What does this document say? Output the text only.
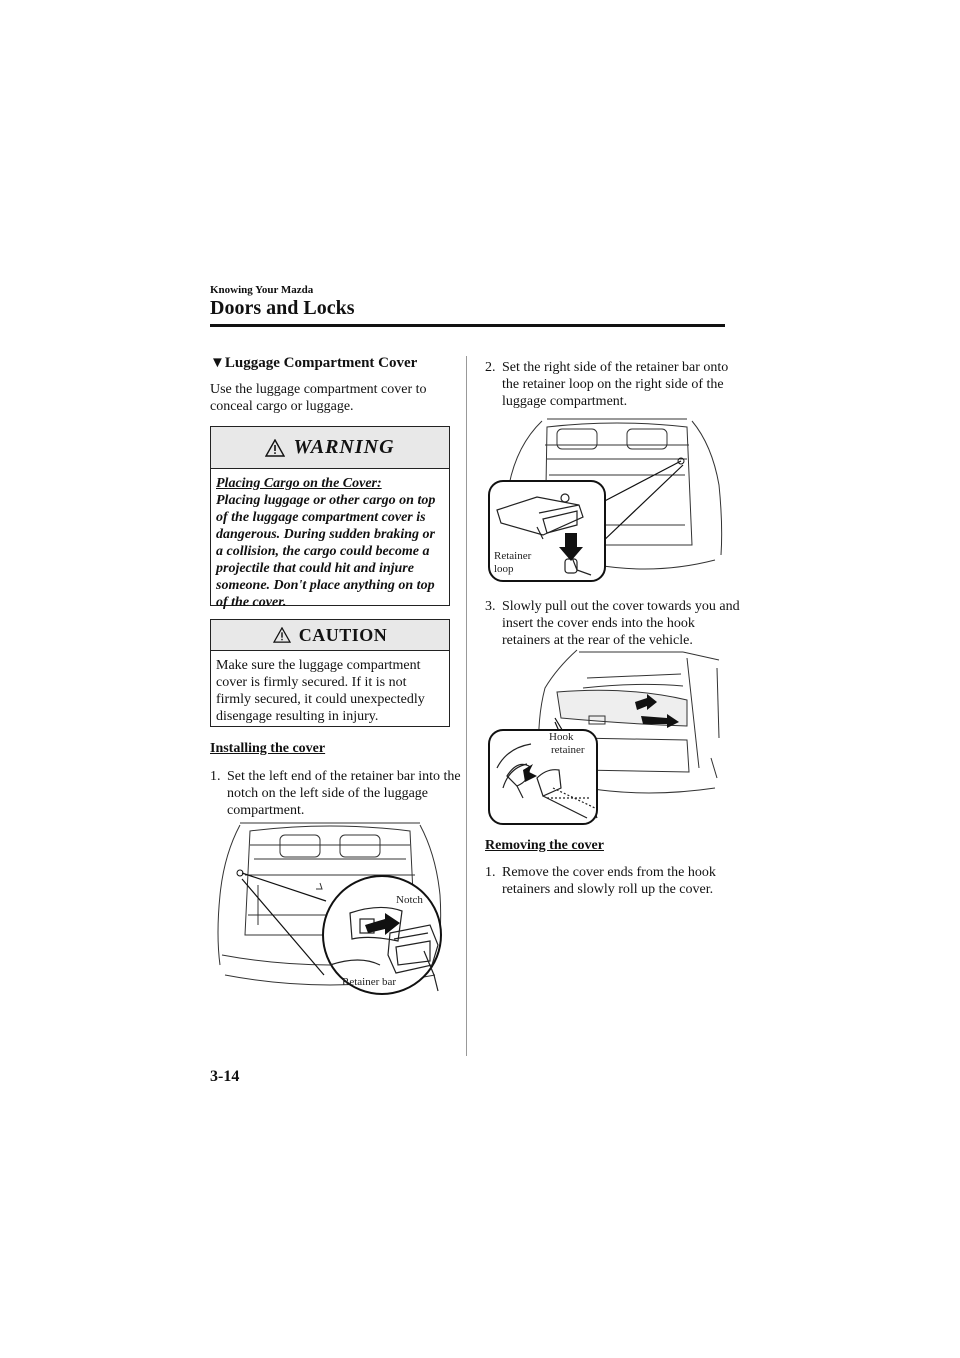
Knowing Your Mazda
Doors and Locks
▼Luggage Compartment Cover
Use the luggage compartment cover to conceal cargo or luggage.
WARNING
Placing Cargo on the Cover:
Placing luggage or other cargo on top of the luggage compartment cover is dangerous. During sudden braking or a collision, the cargo could become a projectile that could hit and injure someone. Don't place anything on top of the cover.
CAUTION
Make sure the luggage compartment cover is firmly secured. If it is not firmly secured, it could unexpectedly disengage resulting in injury.
Installing the cover
1. Set the left end of the retainer bar into the notch on the left side of the luggage compartment.
Notch
Retainer bar
2. Set the right side of the retainer bar onto the retainer loop on the right side of the luggage compartment.
Retainer
loop
3. Slowly pull out the cover towards you and insert the cover ends into the hook retainers at the rear of the vehicle.
Hook
retainer
Removing the cover
1. Remove the cover ends from the hook retainers and slowly roll up the cover.
3-14
